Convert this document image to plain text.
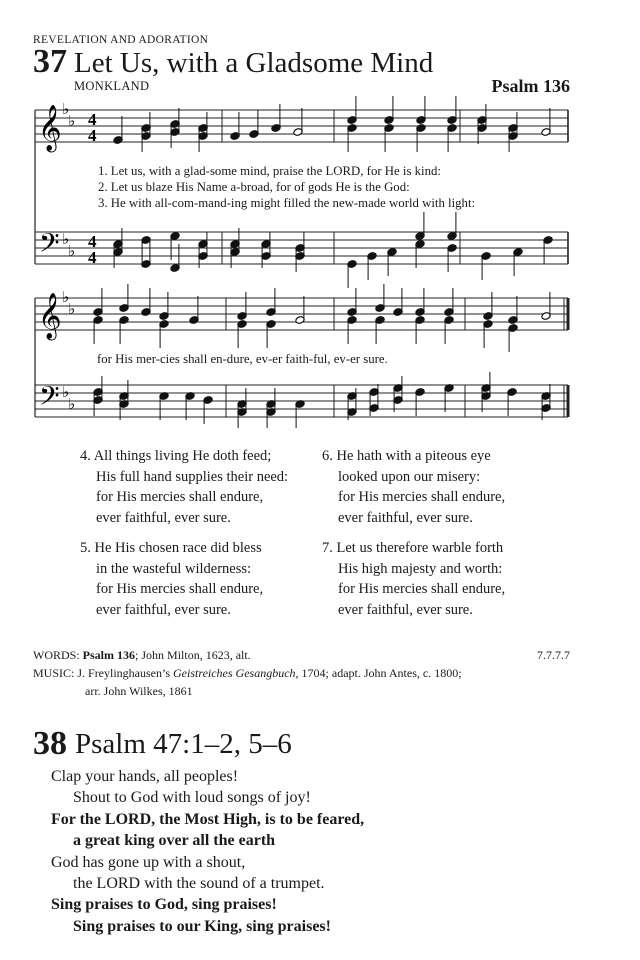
REVELATION AND ADORATION
37 Let Us, with a Gladsome Mind
MONKLAND	Psalm 136
𝄞
𝄢
♭
♭
♭
♭
4
4
4
4
𝄞
𝄢
♭
♭
♭
♭
1. Let us, with a glad-some mind, praise the LORD, for He is kind:
2. Let us blaze His Name a-broad, for of gods He is the God:
3. He with all-com-mand-ing might filled the new-made world with light:
for His mer-cies shall en-dure, ev-er faith-ful, ev-er sure.
4. All things living He doth feed;
His full hand supplies their need:
for His mercies shall endure,
ever faithful, ever sure.
5. He His chosen race did bless
in the wasteful wilderness:
for His mercies shall endure,
ever faithful, ever sure.
6. He hath with a piteous eye
looked upon our misery:
for His mercies shall endure,
ever faithful, ever sure.
7. Let us therefore warble forth
His high majesty and worth:
for His mercies shall endure,
ever faithful, ever sure.
WORDS: Psalm 136; John Milton, 1623, alt.
MUSIC: J. Freylinghausen’s Geistreiches Gesangbuch, 1704; adapt. John Antes, c. 1800;
arr. John Wilkes, 1861
7.7.7.7
38 Psalm 47:1–2, 5–6
Clap your hands, all peoples!
Shout to God with loud songs of joy!
For the LORD, the Most High, is to be feared,
a great king over all the earth
God has gone up with a shout,
the LORD with the sound of a trumpet.
Sing praises to God, sing praises!
Sing praises to our King, sing praises!
